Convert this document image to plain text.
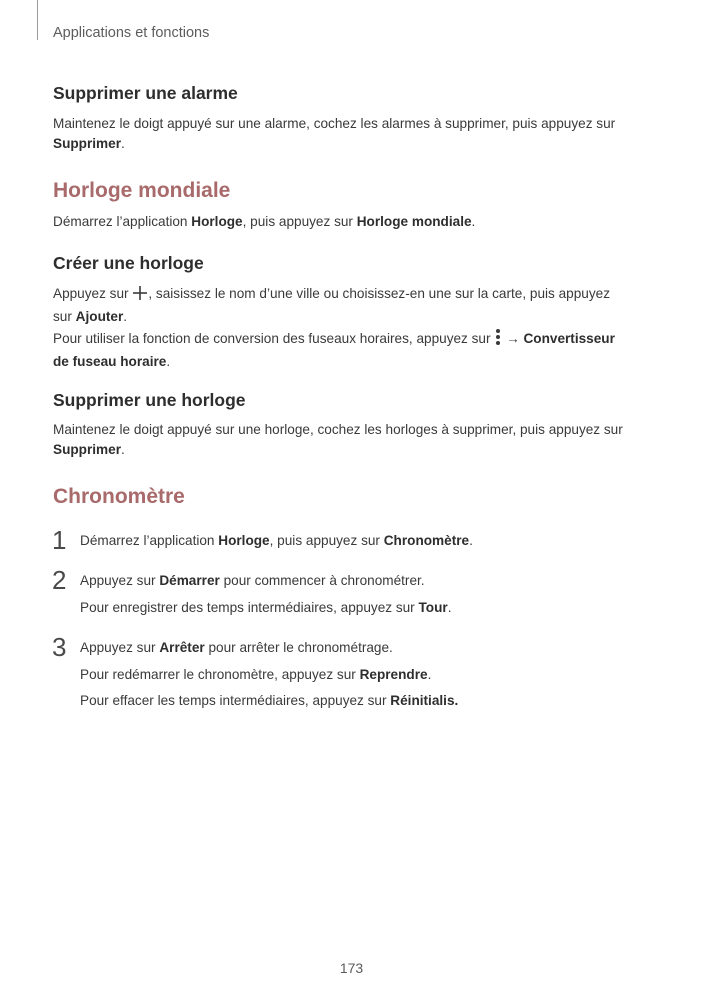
Applications et fonctions
Supprimer une alarme
Maintenez le doigt appuyé sur une alarme, cochez les alarmes à supprimer, puis appuyez sur Supprimer.
Horloge mondiale
Démarrez l’application Horloge, puis appuyez sur Horloge mondiale.
Créer une horloge
Appuyez sur , saisissez le nom d’une ville ou choisissez-en une sur la carte, puis appuyez sur Ajouter.
Pour utiliser la fonction de conversion des fuseaux horaires, appuyez sur  → Convertisseur de fuseau horaire.
Supprimer une horloge
Maintenez le doigt appuyé sur une horloge, cochez les horloges à supprimer, puis appuyez sur Supprimer.
Chronomètre
1 Démarrez l’application Horloge, puis appuyez sur Chronomètre.
2 Appuyez sur Démarrer pour commencer à chronométrer.
Pour enregistrer des temps intermédiaires, appuyez sur Tour.
3 Appuyez sur Arrêter pour arrêter le chronométrage.
Pour redémarrer le chronomètre, appuyez sur Reprendre.
Pour effacer les temps intermédiaires, appuyez sur Réinitialis.
173
